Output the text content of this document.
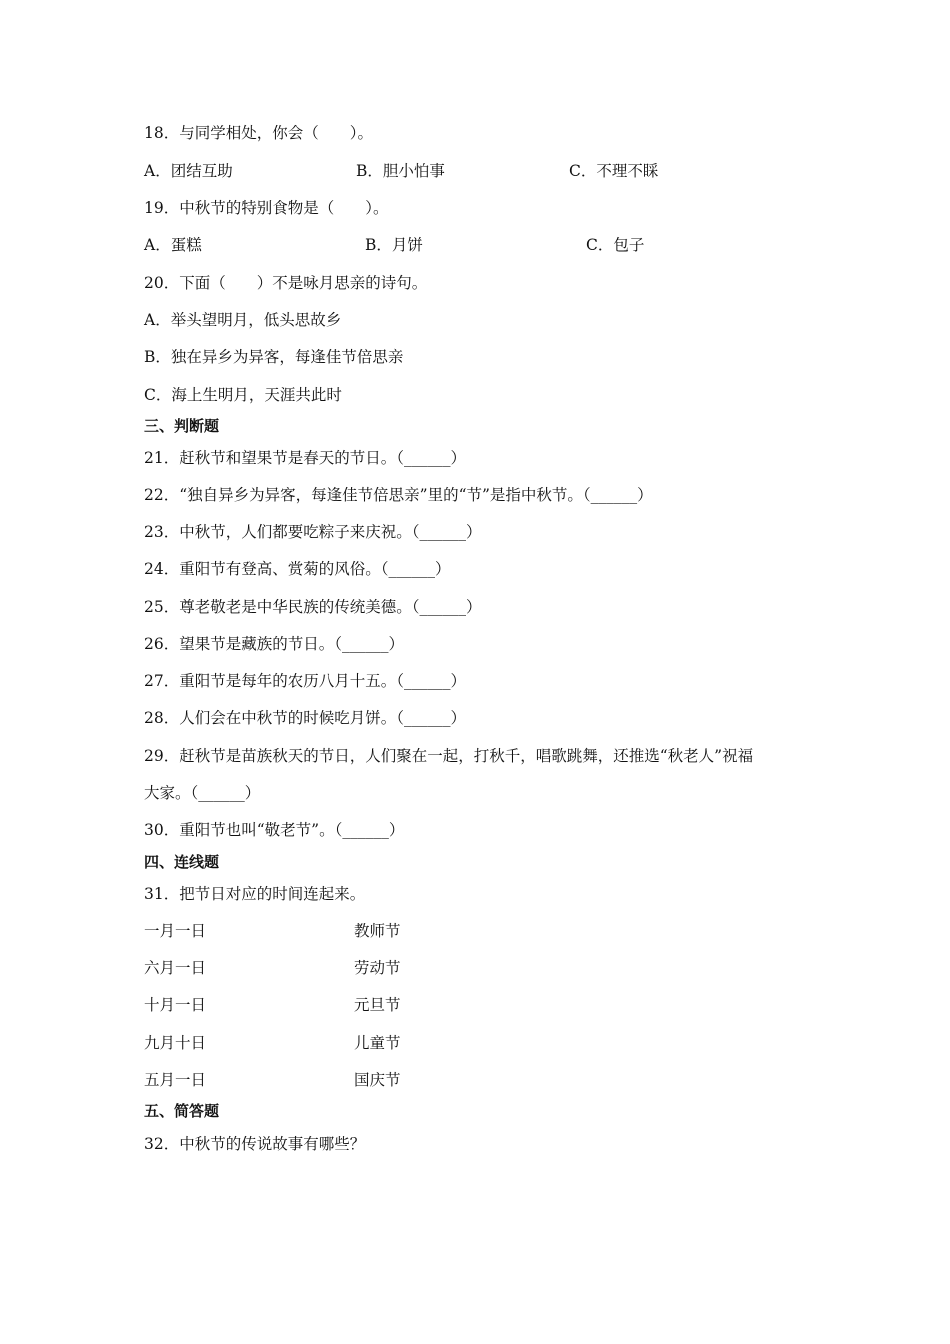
18．与同学相处，你会（　　）。
A．团结互助	B．胆小怕事	C．不理不睬
19．中秋节的特别食物是（　　）。
A．蛋糕	B．月饼	C．包子
20．下面（　　）不是咏月思亲的诗句。
A．举头望明月，低头思故乡
B．独在异乡为异客，每逢佳节倍思亲
C．海上生明月，天涯共此时
三、判断题
21．赶秋节和望果节是春天的节日。（______）
22．“独自异乡为异客，每逢佳节倍思亲”里的“节”是指中秋节。（______）
23．中秋节，人们都要吃粽子来庆祝。（______）
24．重阳节有登高、赏菊的风俗。（______）
25．尊老敬老是中华民族的传统美德。（______）
26．望果节是藏族的节日。（______）
27．重阳节是每年的农历八月十五。（______）
28．人们会在中秋节的时候吃月饼。（______）
29．赶秋节是苗族秋天的节日，人们聚在一起，打秋千，唱歌跳舞，还推选“秋老人”祝福
大家。（______）
30．重阳节也叫“敬老节”。（______）
四、连线题
31．把节日对应的时间连起来。
一月一日	教师节
六月一日	劳动节
十月一日	元旦节
九月十日	儿童节
五月一日	国庆节
五、简答题
32．中秋节的传说故事有哪些？
